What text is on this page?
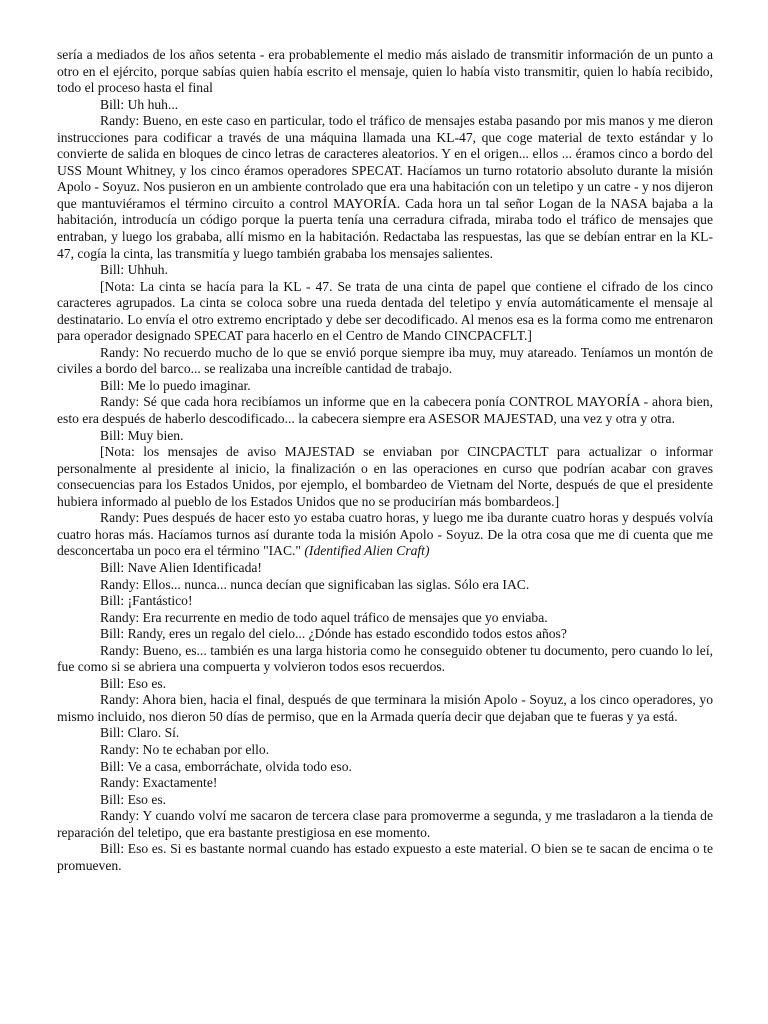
sería a mediados de los años setenta - era probablemente el medio más aislado de transmitir información de un punto a otro en el ejército, porque sabías quien había escrito el mensaje, quien lo había visto transmitir, quien lo había recibido, todo el proceso hasta el final

Bill: Uh huh...

Randy: Bueno, en este caso en particular, todo el tráfico de mensajes estaba pasando por mis manos y me dieron instrucciones para codificar a través de una máquina llamada una KL-47, que coge material de texto estándar y lo convierte de salida en bloques de cinco letras de caracteres aleatorios. Y en el origen... ellos ... éramos cinco a bordo del USS Mount Whitney, y los cinco éramos operadores SPECAT. Hacíamos un turno rotatorio absoluto durante la misión Apolo - Soyuz. Nos pusieron en un ambiente controlado que era una habitación con un teletipo y un catre - y nos dijeron que mantuviéramos el término circuito a control MAYORÍA. Cada hora un tal señor Logan de la NASA bajaba a la habitación, introducía un código porque la puerta tenía una cerradura cifrada, miraba todo el tráfico de mensajes que entraban, y luego los grababa, allí mismo en la habitación. Redactaba las respuestas, las que se debían entrar en la KL-47, cogía la cinta, las transmitía y luego también grababa los mensajes salientes.

Bill: Uhhuh.

[Nota: La cinta se hacía para la KL - 47. Se trata de una cinta de papel que contiene el cifrado de los cinco caracteres agrupados. La cinta se coloca sobre una rueda dentada del teletipo y envía automáticamente el mensaje al destinatario. Lo envía el otro extremo encriptado y debe ser decodificado. Al menos esa es la forma como me entrenaron para operador designado SPECAT para hacerlo en el Centro de Mando CINCPACFLT.]

Randy: No recuerdo mucho de lo que se envió porque siempre iba muy, muy atareado. Teníamos un montón de civiles a bordo del barco... se realizaba una increíble cantidad de trabajo.

Bill: Me lo puedo imaginar.

Randy: Sé que cada hora recibíamos un informe que en la cabecera ponía CONTROL MAYORÍA - ahora bien, esto era después de haberlo descodificado... la cabecera siempre era ASESOR MAJESTAD, una vez y otra y otra.

Bill: Muy bien.

[Nota: los mensajes de aviso MAJESTAD se enviaban por CINCPACTLT para actualizar o informar personalmente al presidente al inicio, la finalización o en las operaciones en curso que podrían acabar con graves consecuencias para los Estados Unidos, por ejemplo, el bombardeo de Vietnam del Norte, después de que el presidente hubiera informado al pueblo de los Estados Unidos que no se producirían más bombardeos.]

Randy: Pues después de hacer esto yo estaba cuatro horas, y luego me iba durante cuatro horas y después volvía cuatro horas más. Hacíamos turnos así durante toda la misión Apolo - Soyuz. De la otra cosa que me di cuenta que me desconcertaba un poco era el término "IAC." (Identified Alien Craft)

Bill: Nave Alien Identificada!

Randy: Ellos... nunca... nunca decían que significaban las siglas. Sólo era IAC.

Bill: ¡Fantástico!

Randy: Era recurrente en medio de todo aquel tráfico de mensajes que yo enviaba.

Bill: Randy, eres un regalo del cielo... ¿Dónde has estado escondido todos estos años?

Randy: Bueno, es... también es una larga historia como he conseguido obtener tu documento, pero cuando lo leí, fue como si se abriera una compuerta y volvieron todos esos recuerdos.

Bill: Eso es.

Randy: Ahora bien, hacia el final, después de que terminara la misión Apolo - Soyuz, a los cinco operadores, yo mismo incluido, nos dieron 50 días de permiso, que en la Armada quería decir que dejaban que te fueras y ya está.

Bill: Claro. Sí.

Randy: No te echaban por ello.

Bill: Ve a casa, emborráchate, olvida todo eso.

Randy: Exactamente!

Bill: Eso es.

Randy: Y cuando volví me sacaron de tercera clase para promoverme a segunda, y me trasladaron a la tienda de reparación del teletipo, que era bastante prestigiosa en ese momento.

Bill: Eso es. Si es bastante normal cuando has estado expuesto a este material. O bien se te sacan de encima o te promueven.
